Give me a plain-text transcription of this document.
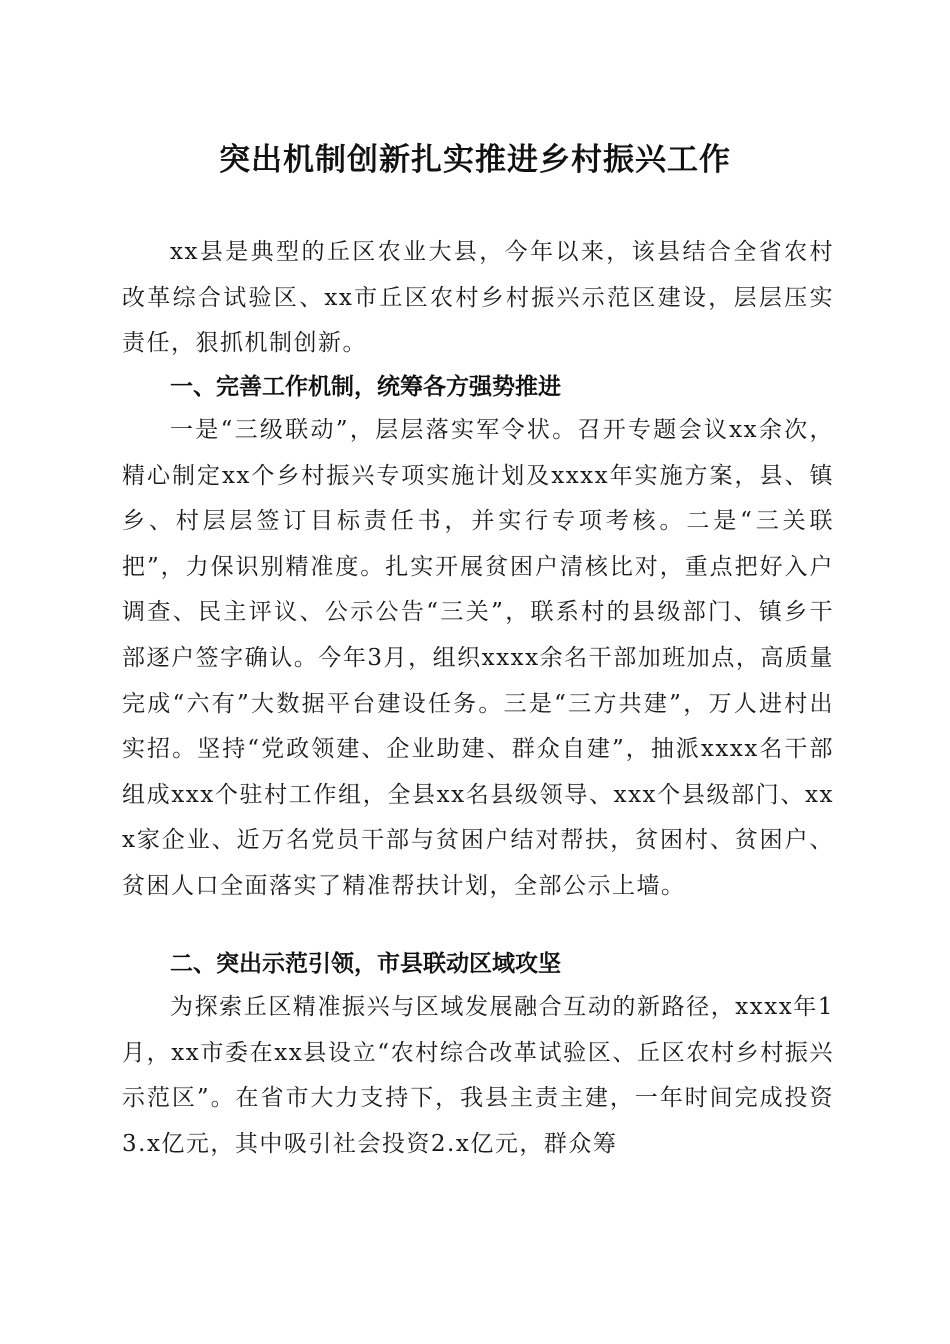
突出机制创新扎实推进乡村振兴工作

xx县是典型的丘区农业大县，今年以来，该县结合全省农村改革综合试验区、xx市丘区农村乡村振兴示范区建设，层层压实责任，狠抓机制创新。

一、完善工作机制，统筹各方强势推进

一是“三级联动”，层层落实军令状。召开专题会议xx余次，精心制定xx个乡村振兴专项实施计划及xxxx年实施方案，县、镇乡、村层层签订目标责任书，并实行专项考核。二是“三关联把”，力保识别精准度。扎实开展贫困户清核比对，重点把好入户调查、民主评议、公示公告“三关”，联系村的县级部门、镇乡干部逐户签字确认。今年3月，组织xxxx余名干部加班加点，高质量完成“六有”大数据平台建设任务。三是“三方共建”，万人进村出实招。坚持“党政领建、企业助建、群众自建”，抽派xxxx名干部组成xxx个驻村工作组，全县xx名县级领导、xxx个县级部门、xxx家企业、近万名党员干部与贫困户结对帮扶，贫困村、贫困户、贫困人口全面落实了精准帮扶计划，全部公示上墙。

二、突出示范引领，市县联动区域攻坚

为探索丘区精准振兴与区域发展融合互动的新路径，xxxx年1月，xx市委在xx县设立“农村综合改革试验区、丘区农村乡村振兴示范区”。在省市大力支持下，我县主责主建，一年时间完成投资3.x亿元，其中吸引社会投资2.x亿元，群众筹
